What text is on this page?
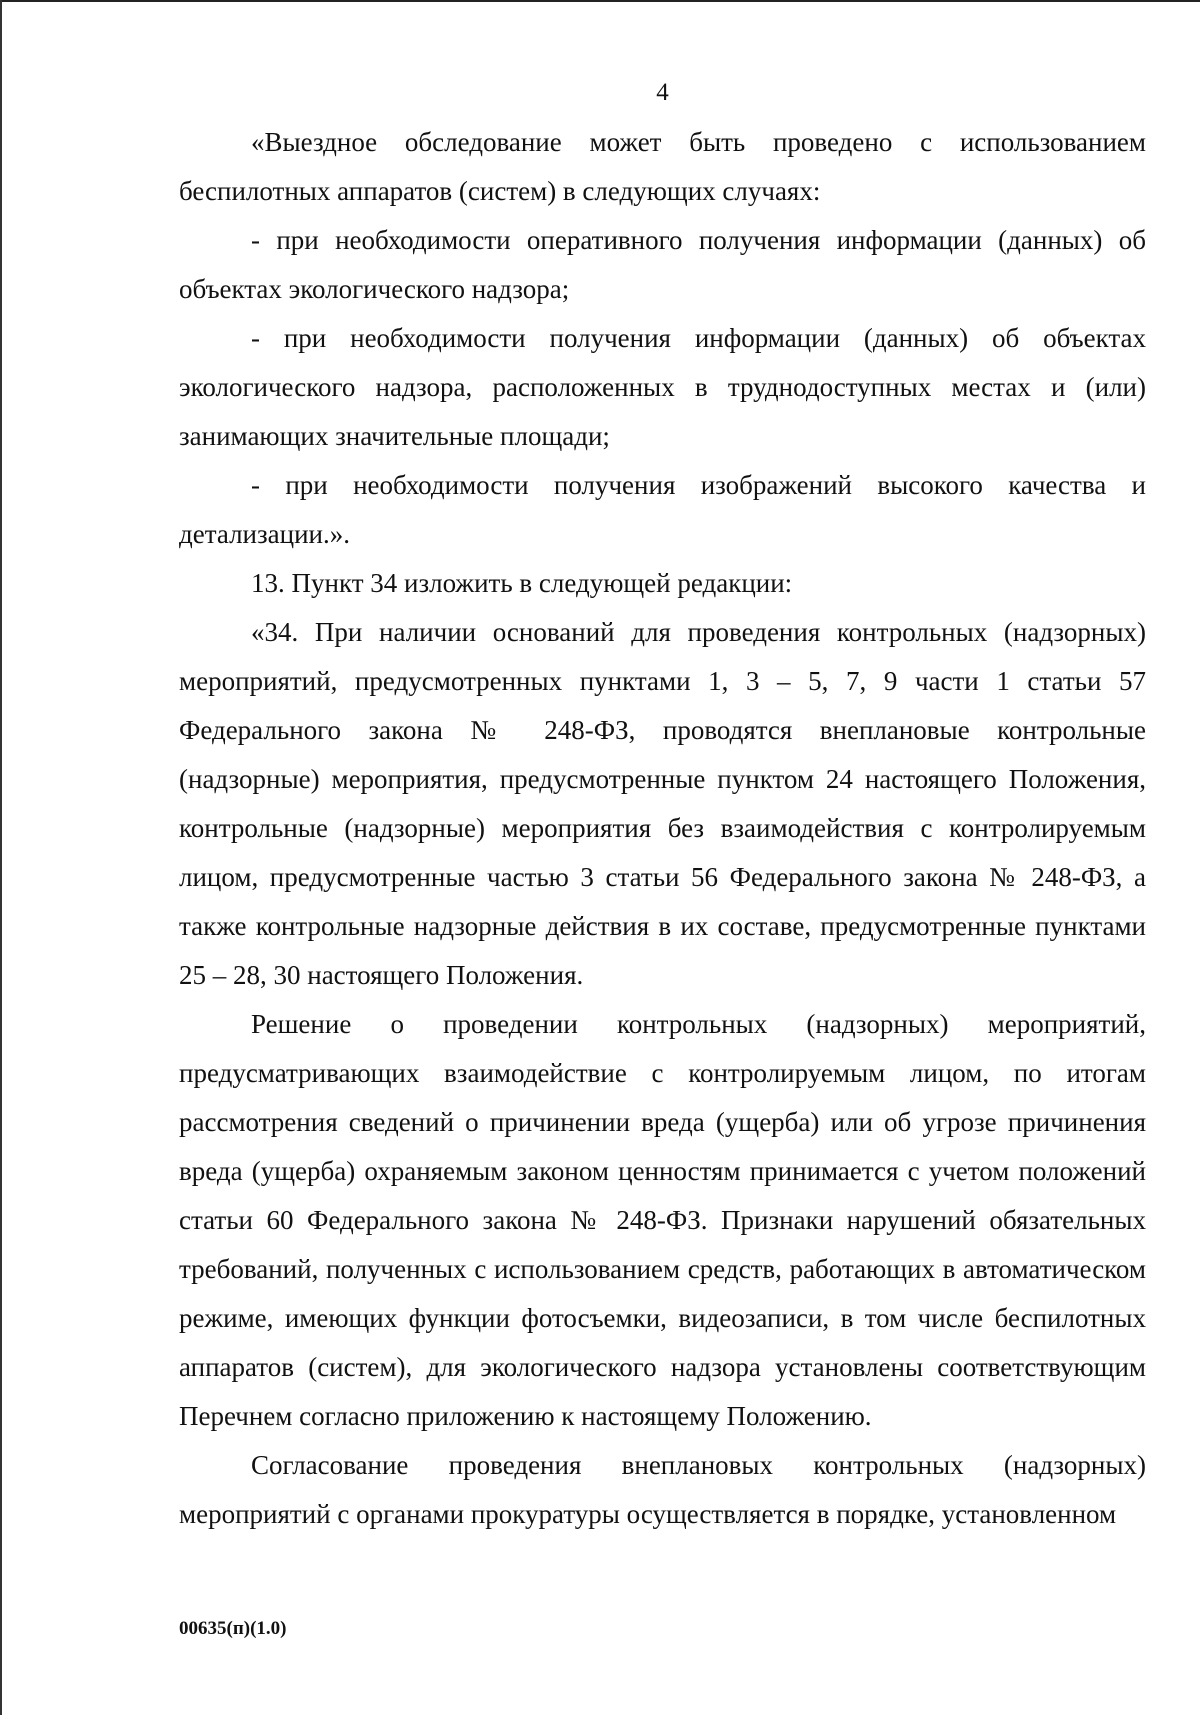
4

«Выездное обследование может быть проведено с использованием беспилотных аппаратов (систем) в следующих случаях:

- при необходимости оперативного получения информации (данных) об объектах экологического надзора;

- при необходимости получения информации (данных) об объектах экологического надзора, расположенных в труднодоступных местах и (или) занимающих значительные площади;

- при необходимости получения изображений высокого качества и детализации.».

13. Пункт 34 изложить в следующей редакции:

«34. При наличии оснований для проведения контрольных (надзорных) мероприятий, предусмотренных пунктами 1, 3 – 5, 7, 9 части 1 статьи 57 Федерального закона № 248-ФЗ, проводятся внеплановые контрольные (надзорные) мероприятия, предусмотренные пунктом 24 настоящего Положения, контрольные (надзорные) мероприятия без взаимодействия с контролируемым лицом, предусмотренные частью 3 статьи 56 Федерального закона № 248-ФЗ, а также контрольные надзорные действия в их составе, предусмотренные пунктами 25 – 28, 30 настоящего Положения.

Решение о проведении контрольных (надзорных) мероприятий, предусматривающих взаимодействие с контролируемым лицом, по итогам рассмотрения сведений о причинении вреда (ущерба) или об угрозе причинения вреда (ущерба) охраняемым законом ценностям принимается с учетом положений статьи 60 Федерального закона № 248-ФЗ. Признаки нарушений обязательных требований, полученных с использованием средств, работающих в автоматическом режиме, имеющих функции фотосъемки, видеозаписи, в том числе беспилотных аппаратов (систем), для экологического надзора установлены соответствующим Перечнем согласно приложению к настоящему Положению.

Согласование проведения внеплановых контрольных (надзорных) мероприятий с органами прокуратуры осуществляется в порядке, установленном

00635(п)(1.0)
